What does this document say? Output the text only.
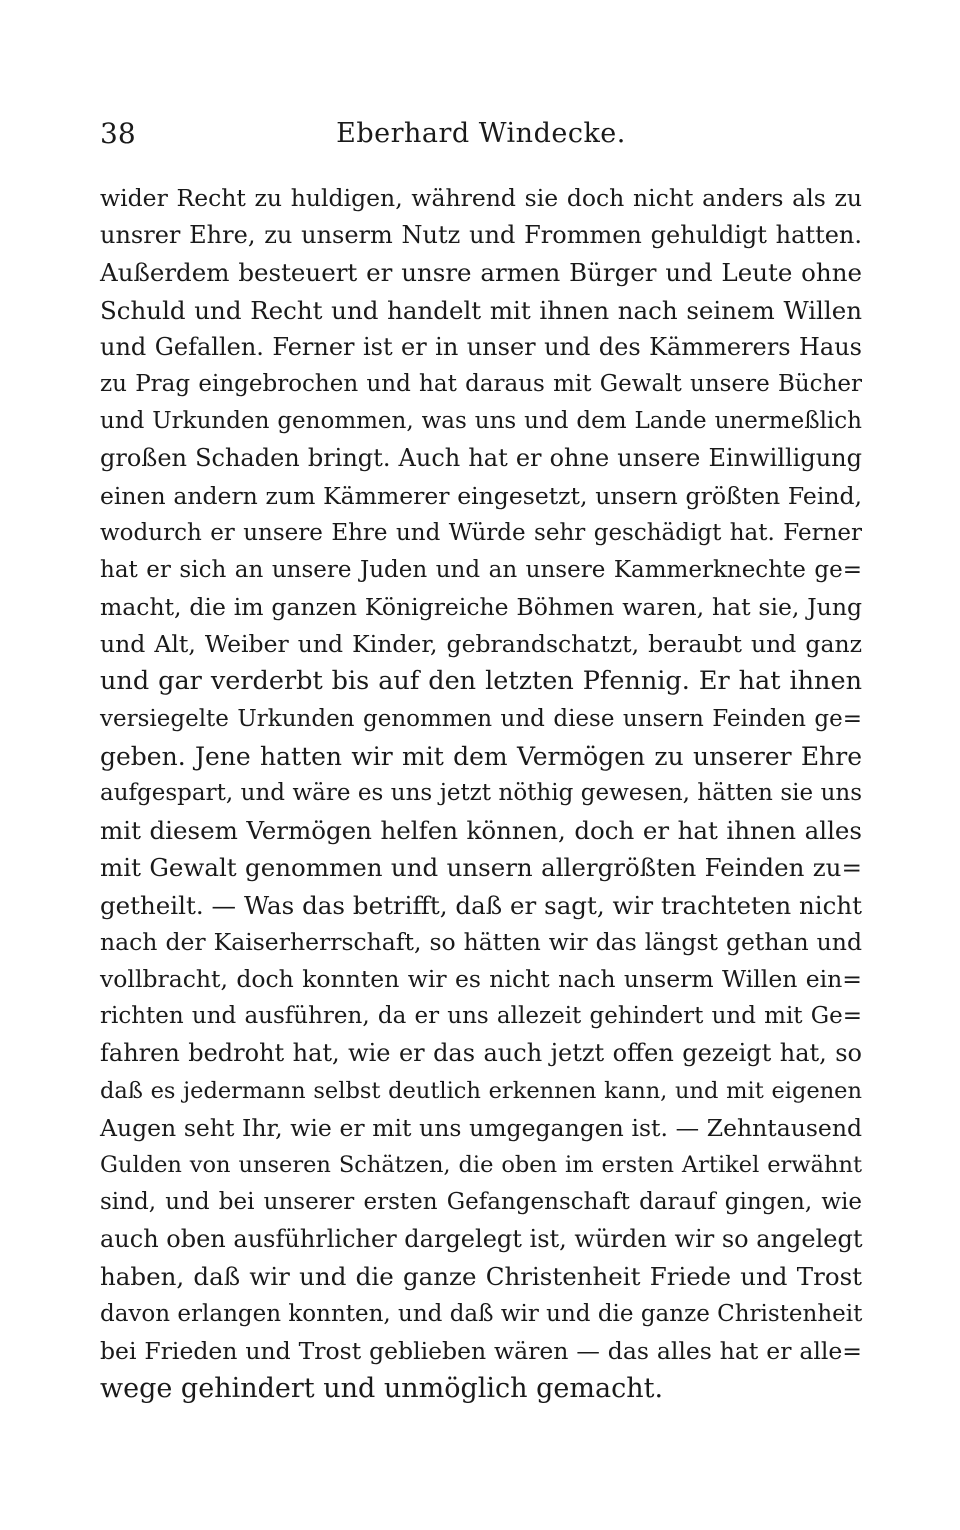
38	Eberhard Windecke.
wider Recht zu huldigen, während sie doch nicht anders als zu
unsrer Ehre, zu unserm Nutz und Frommen gehuldigt hatten.
Außerdem besteuert er unsre armen Bürger und Leute ohne
Schuld und Recht und handelt mit ihnen nach seinem Willen
und Gefallen. Ferner ist er in unser und des Kämmerers Haus
zu Prag eingebrochen und hat daraus mit Gewalt unsere Bücher
und Urkunden genommen, was uns und dem Lande unermeßlich
großen Schaden bringt. Auch hat er ohne unsere Einwilligung
einen andern zum Kämmerer eingesetzt, unsern größten Feind,
wodurch er unsere Ehre und Würde sehr geschädigt hat. Ferner
hat er sich an unsere Juden und an unsere Kammerknechte ge=
macht, die im ganzen Königreiche Böhmen waren, hat sie, Jung
und Alt, Weiber und Kinder, gebrandschatzt, beraubt und ganz
und gar verderbt bis auf den letzten Pfennig. Er hat ihnen
versiegelte Urkunden genommen und diese unsern Feinden ge=
geben. Jene hatten wir mit dem Vermögen zu unserer Ehre
aufgespart, und wäre es uns jetzt nöthig gewesen, hätten sie uns
mit diesem Vermögen helfen können, doch er hat ihnen alles
mit Gewalt genommen und unsern allergrößten Feinden zu=
getheilt. — Was das betrifft, daß er sagt, wir trachteten nicht
nach der Kaiserherrschaft, so hätten wir das längst gethan und
vollbracht, doch konnten wir es nicht nach unserm Willen ein=
richten und ausführen, da er uns allezeit gehindert und mit Ge=
fahren bedroht hat, wie er das auch jetzt offen gezeigt hat, so
daß es jedermann selbst deutlich erkennen kann, und mit eigenen
Augen seht Ihr, wie er mit uns umgegangen ist. — Zehntausend
Gulden von unseren Schätzen, die oben im ersten Artikel erwähnt
sind, und bei unserer ersten Gefangenschaft darauf gingen, wie
auch oben ausführlicher dargelegt ist, würden wir so angelegt
haben, daß wir und die ganze Christenheit Friede und Trost
davon erlangen konnten, und daß wir und die ganze Christenheit
bei Frieden und Trost geblieben wären — das alles hat er alle=
wege gehindert und unmöglich gemacht.
